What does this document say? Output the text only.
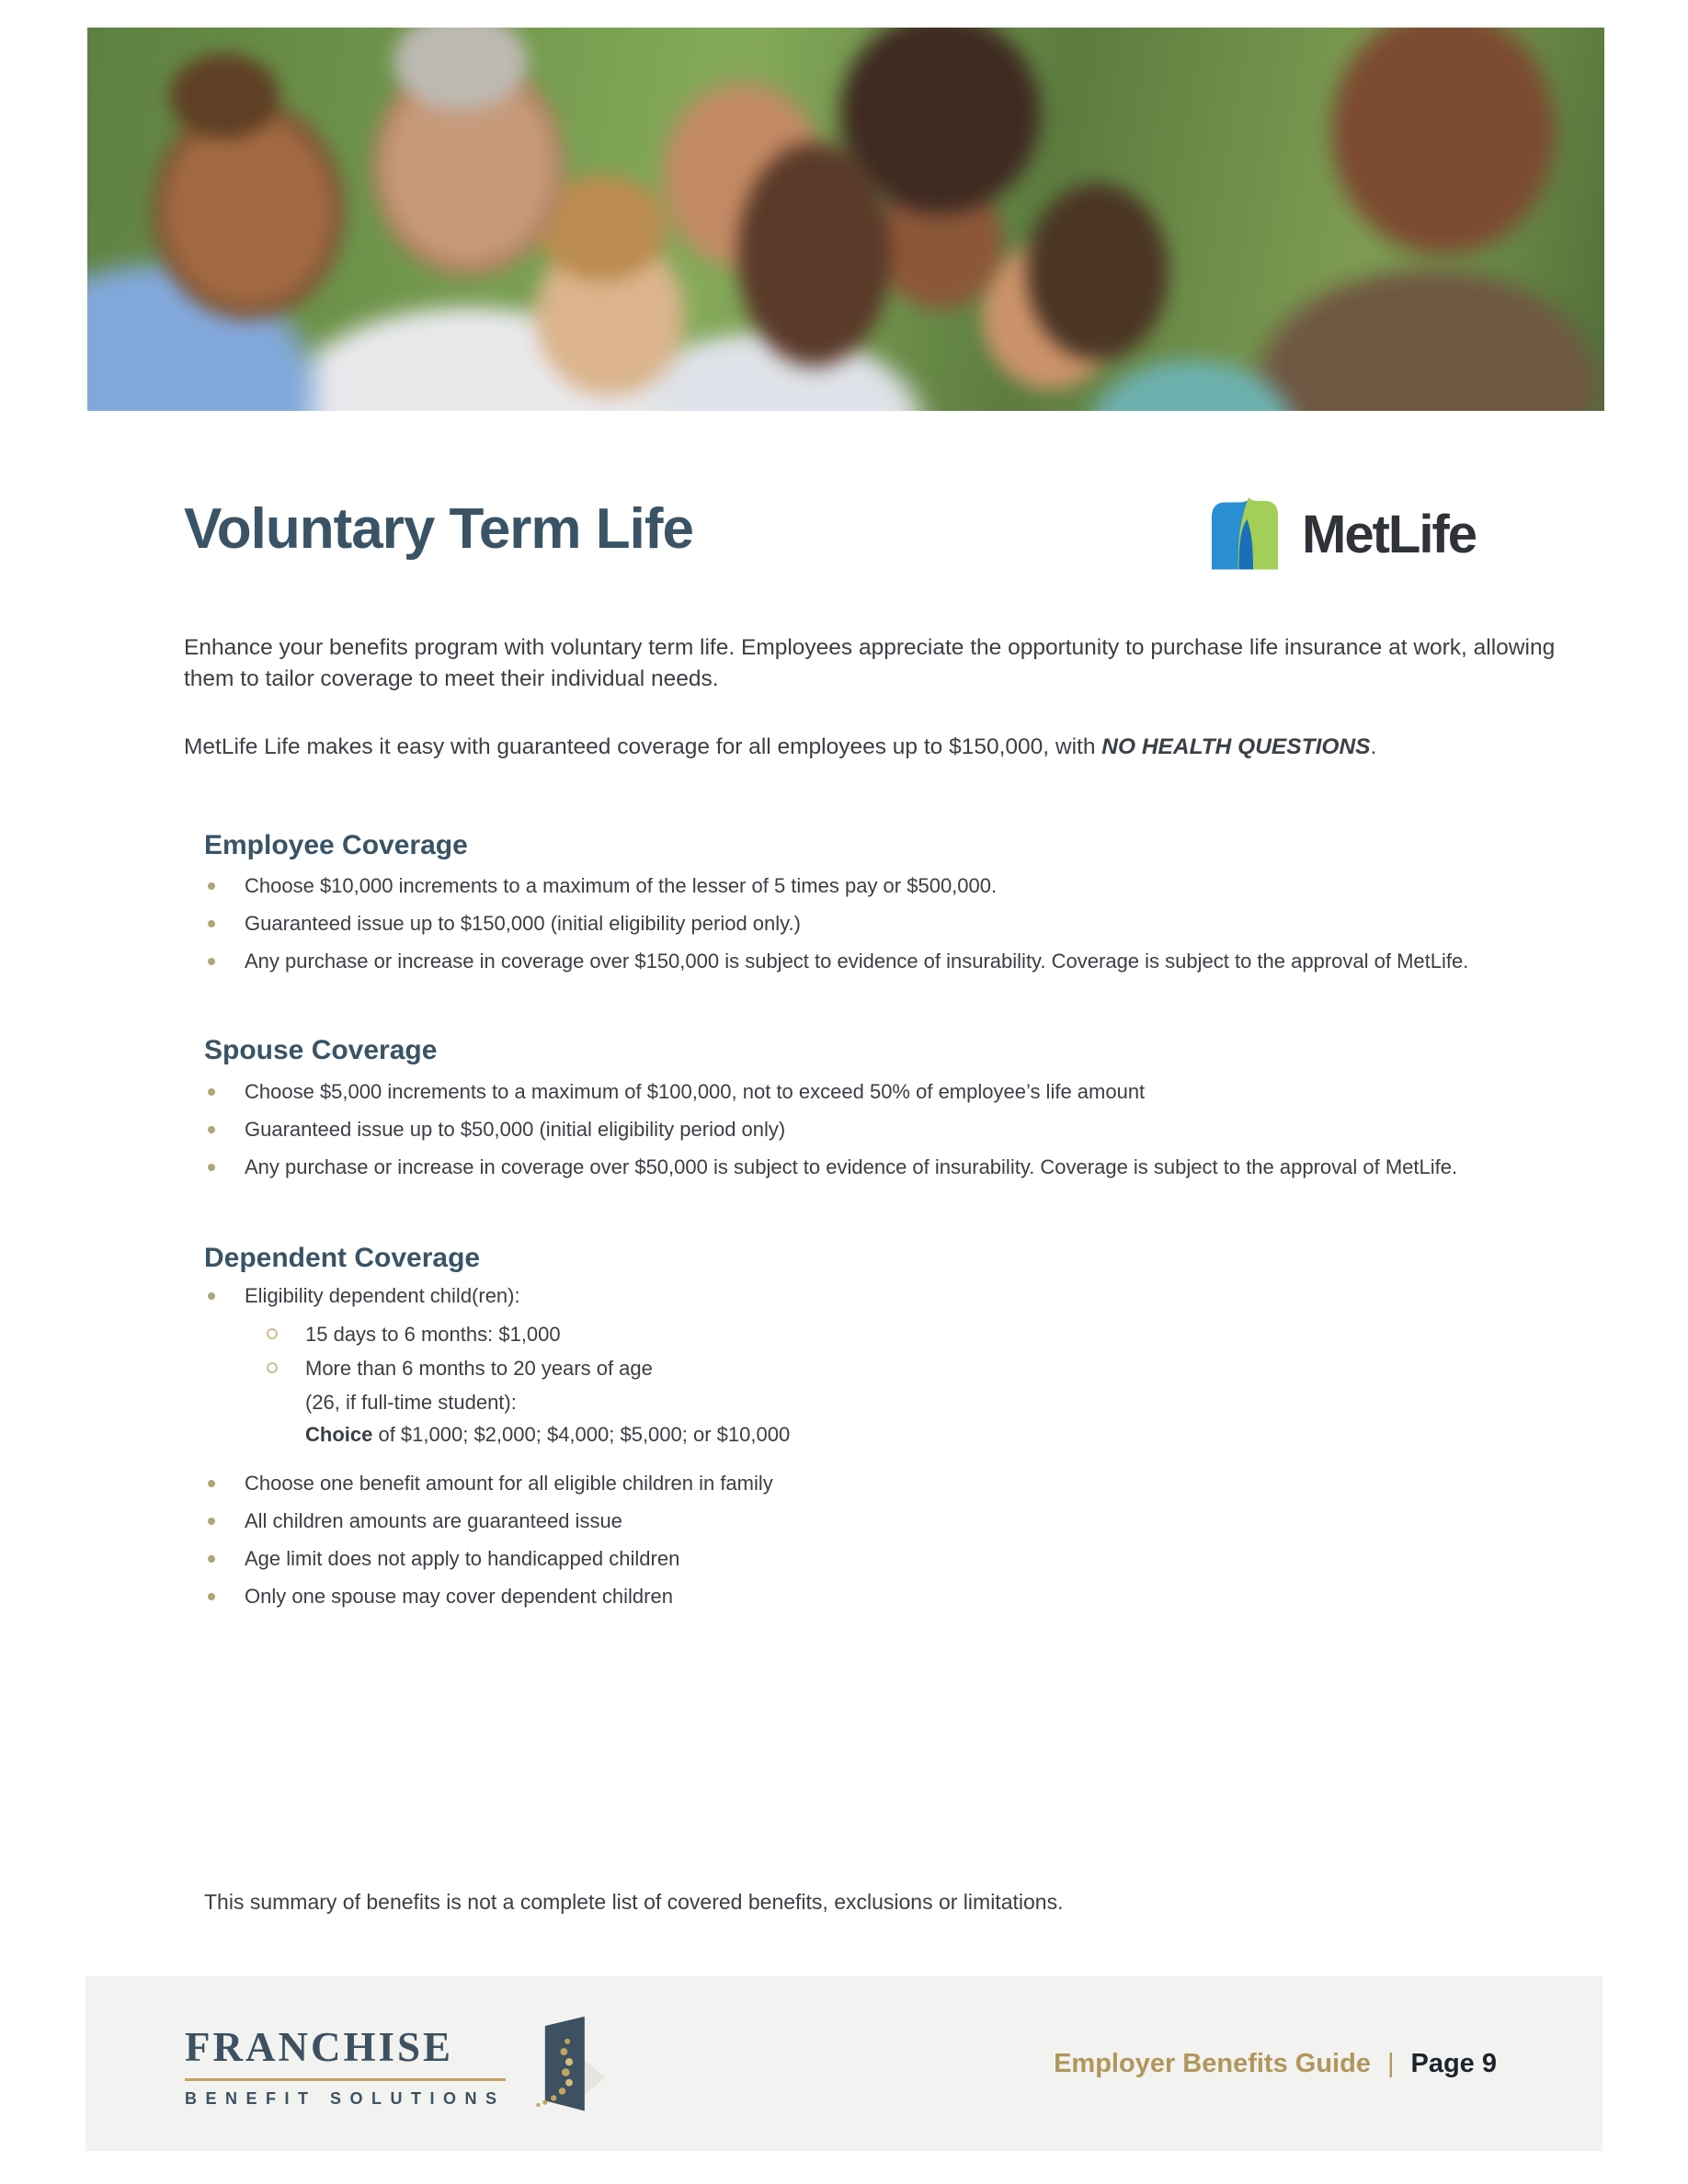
Voluntary Term Life	MetLife

Enhance your benefits program with voluntary term life. Employees appreciate the opportunity to purchase life insurance at work, allowing them to tailor coverage to meet their individual needs.

MetLife Life makes it easy with guaranteed coverage for all employees up to $150,000, with NO HEALTH QUESTIONS.

Employee Coverage
Choose $10,000 increments to a maximum of the lesser of 5 times pay or $500,000.
Guaranteed issue up to $150,000 (initial eligibility period only.)
Any purchase or increase in coverage over $150,000 is subject to evidence of insurability. Coverage is subject to the approval of MetLife.
Spouse Coverage
Choose $5,000 increments to a maximum of $100,000, not to exceed 50% of employee’s life amount
Guaranteed issue up to $50,000 (initial eligibility period only)
Any purchase or increase in coverage over $50,000 is subject to evidence of insurability. Coverage is subject to the approval of MetLife.
Dependent Coverage
Eligibility dependent child(ren):
15 days to 6 months: $1,000
More than 6 months to 20 years of age
(26, if full-time student):
Choice of $1,000; $2,000; $4,000; $5,000; or $10,000
Choose one benefit amount for all eligible children in family
All children amounts are guaranteed issue
Age limit does not apply to handicapped children
Only one spouse may cover dependent children

This summary of benefits is not a complete list of covered benefits, exclusions or limitations.

FRANCHISE
BENEFIT SOLUTIONS
Employer Benefits Guide | Page 9
